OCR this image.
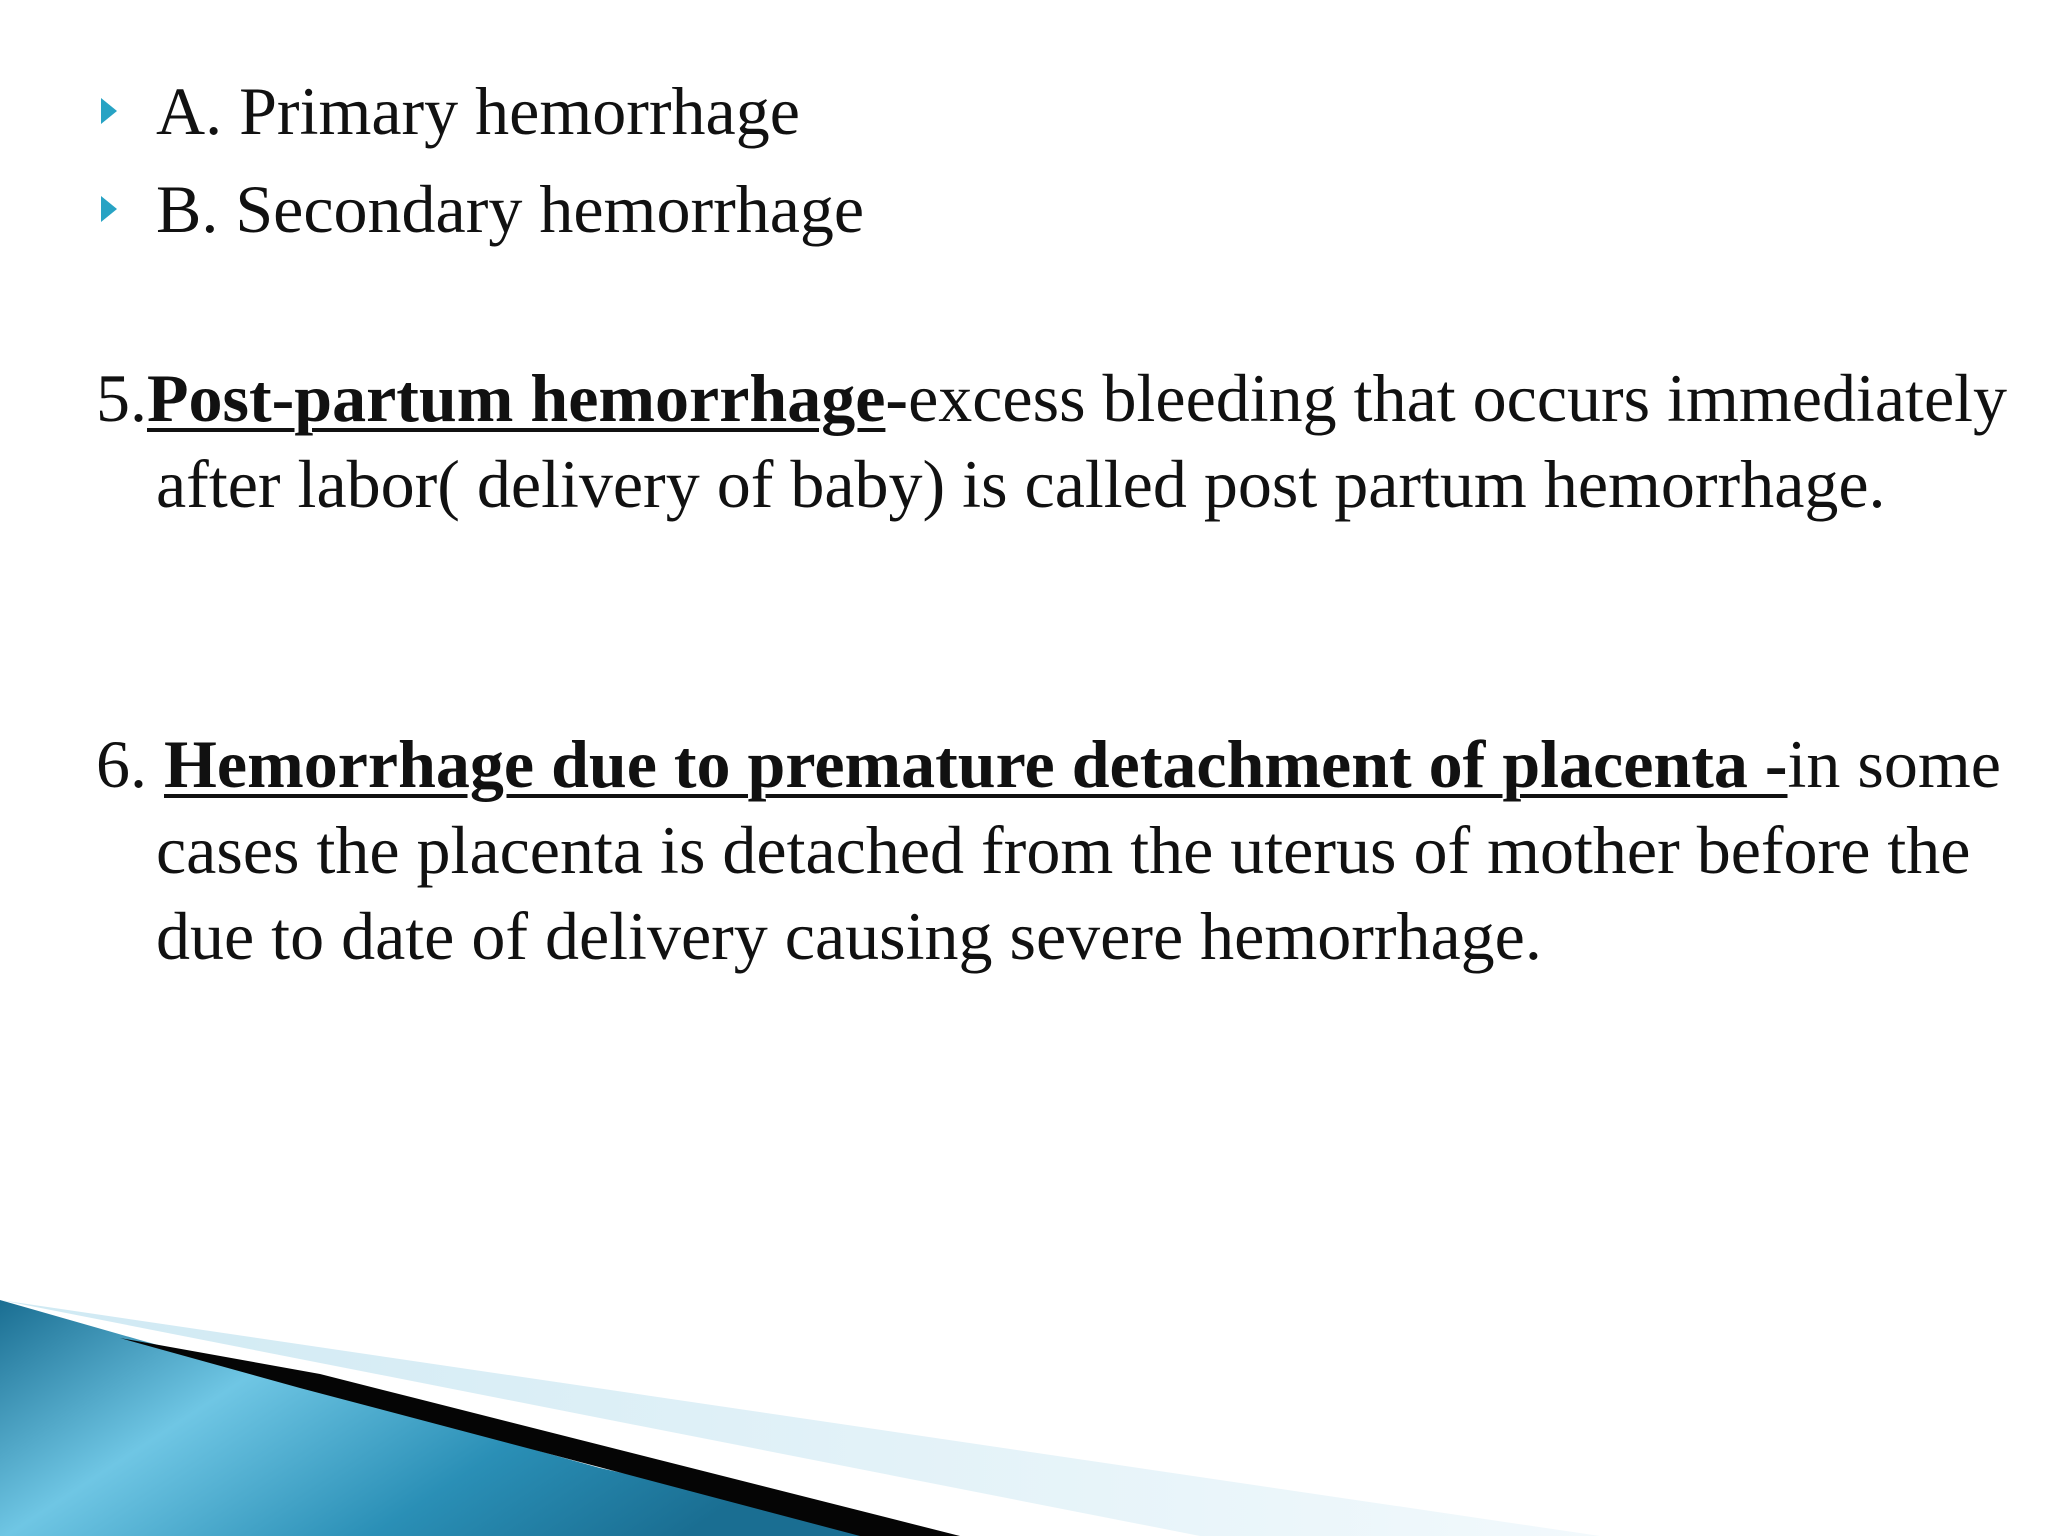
A. Primary hemorrhage
B. Secondary hemorrhage

5.Post-partum hemorrhage-excess bleeding that occurs immediately after labor( delivery of baby) is called post partum hemorrhage.

6. Hemorrhage due to premature detachment of placenta -in some cases the placenta is detached from the uterus of mother before the due to date of delivery causing severe hemorrhage.
